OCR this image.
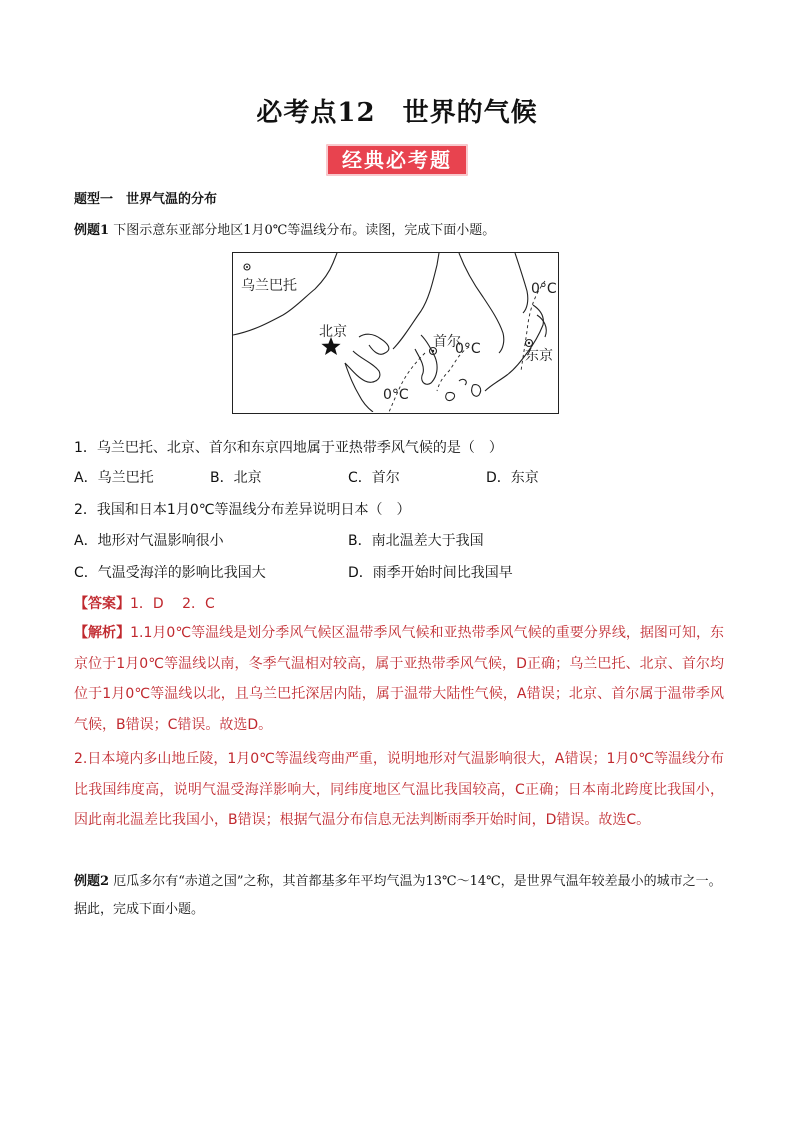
必考点12　世界的气候
经典必考题
题型一　世界气温的分布
例题1 下图示意东亚部分地区1月0℃等温线分布。读图，完成下面小题。
乌兰巴托
北京
首尔
东京
0°C
0°C
0°C
1．乌兰巴托、北京、首尔和东京四地属于亚热带季风气候的是（　）
A．乌兰巴托	B．北京	C．首尔	D．东京
2．我国和日本1月0℃等温线分布差异说明日本（　）
A．地形对气温影响很小	B．南北温差大于我国
C．气温受海洋的影响比我国大	D．雨季开始时间比我国早
【答案】1．D　 2．C
【解析】1.1月0℃等温线是划分季风气候区温带季风气候和亚热带季风气候的重要分界线，据图可知，东京位于1月0℃等温线以南，冬季气温相对较高，属于亚热带季风气候，D正确；乌兰巴托、北京、首尔均位于1月0℃等温线以北，且乌兰巴托深居内陆，属于温带大陆性气候，A错误；北京、首尔属于温带季风气候，B错误；C错误。故选D。
2.日本境内多山地丘陵，1月0℃等温线弯曲严重，说明地形对气温影响很大，A错误；1月0℃等温线分布比我国纬度高，说明气温受海洋影响大，同纬度地区气温比我国较高，C正确；日本南北跨度比我国小，因此南北温差比我国小，B错误；根据气温分布信息无法判断雨季开始时间，D错误。故选C。
例题2 厄瓜多尔有“赤道之国”之称，其首都基多年平均气温为13℃～14℃，是世界气温年较差最小的城市之一。据此，完成下面小题。
